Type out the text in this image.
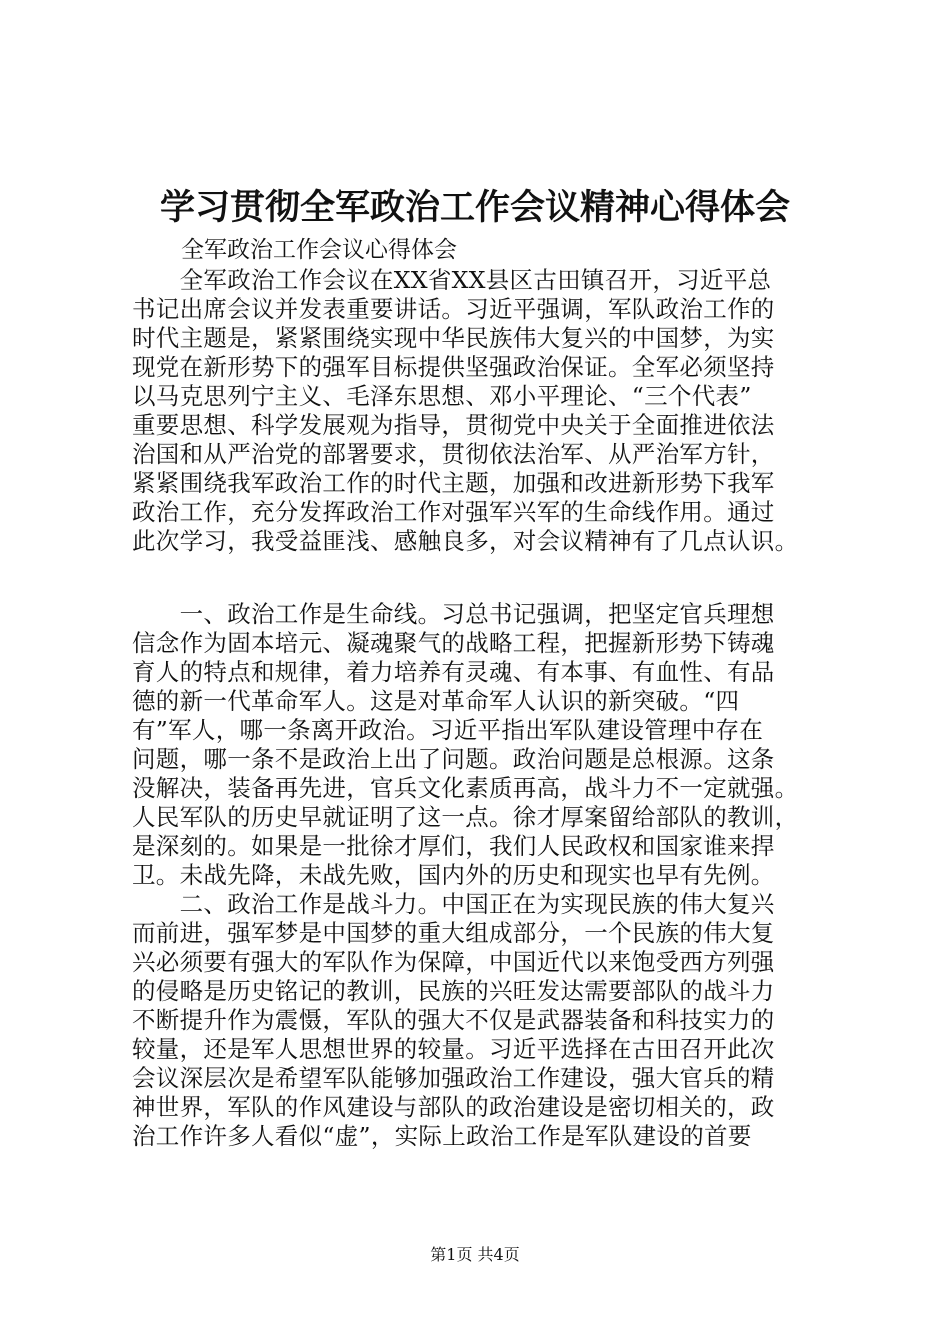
学习贯彻全军政治工作会议精神心得体会

全军政治工作会议心得体会

　　全军政治工作会议在XX省XX县区古田镇召开，习近平总

书记出席会议并发表重要讲话。习近平强调，军队政治工作的

时代主题是，紧紧围绕实现中华民族伟大复兴的中国梦，为实

现党在新形势下的强军目标提供坚强政治保证。全军必须坚持

以马克思列宁主义、毛泽东思想、邓小平理论、“三个代表”

重要思想、科学发展观为指导，贯彻党中央关于全面推进依法

治国和从严治党的部署要求，贯彻依法治军、从严治军方针，

紧紧围绕我军政治工作的时代主题，加强和改进新形势下我军

政治工作，充分发挥政治工作对强军兴军的生命线作用。通过

此次学习，我受益匪浅、感触良多，对会议精神有了几点认识。

　　一、政治工作是生命线。习总书记强调，把坚定官兵理想

信念作为固本培元、凝魂聚气的战略工程，把握新形势下铸魂

育人的特点和规律，着力培养有灵魂、有本事、有血性、有品

德的新一代革命军人。这是对革命军人认识的新突破。“四

有”军人，哪一条离开政治。习近平指出军队建设管理中存在

问题，哪一条不是政治上出了问题。政治问题是总根源。这条

没解决，装备再先进，官兵文化素质再高，战斗力不一定就强。

人民军队的历史早就证明了这一点。徐才厚案留给部队的教训，

是深刻的。如果是一批徐才厚们，我们人民政权和国家谁来捍

卫。未战先降，未战先败，国内外的历史和现实也早有先例。

　　二、政治工作是战斗力。中国正在为实现民族的伟大复兴

而前进，强军梦是中国梦的重大组成部分，一个民族的伟大复

兴必须要有强大的军队作为保障，中国近代以来饱受西方列强

的侵略是历史铭记的教训，民族的兴旺发达需要部队的战斗力

不断提升作为震慑，军队的强大不仅是武器装备和科技实力的

较量，还是军人思想世界的较量。习近平选择在古田召开此次

会议深层次是希望军队能够加强政治工作建设，强大官兵的精

神世界，军队的作风建设与部队的政治建设是密切相关的，政

治工作许多人看似“虚”，实际上政治工作是军队建设的首要

第1页 共4页
